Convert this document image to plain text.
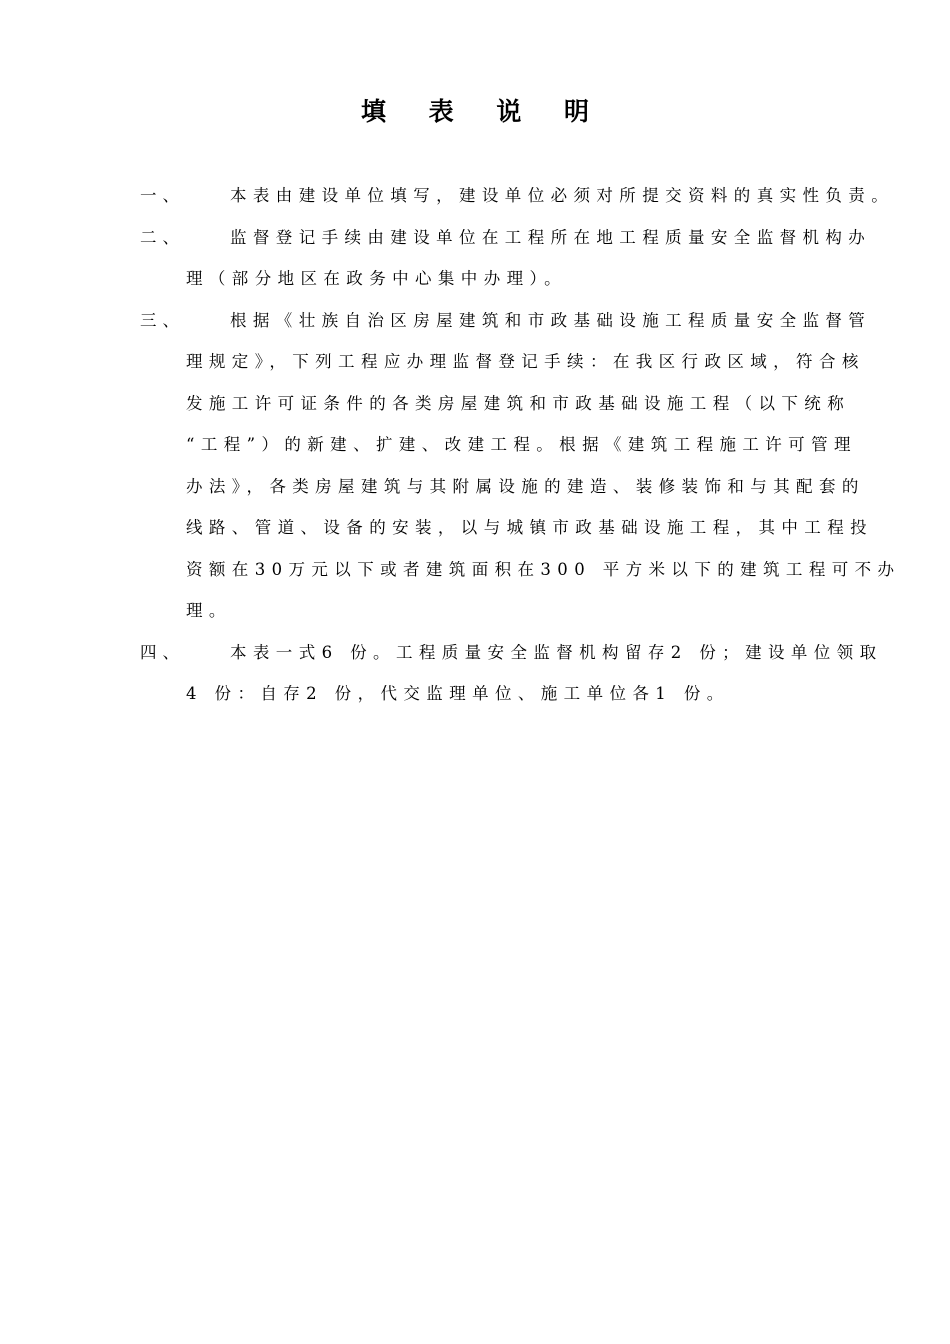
填 表 说 明
一、	本表由建设单位填写，建设单位必须对所提交资料的真实性负责。
二、	监督登记手续由建设单位在工程所在地工程质量安全监督机构办
理（部分地区在政务中心集中办理）。
三、	根据《壮族自治区房屋建筑和市政基础设施工程质量安全监督管
理规定》，下列工程应办理监督登记手续：在我区行政区域，符合核
发施工许可证条件的各类房屋建筑和市政基础设施工程（以下统称
“工程”）的新建、扩建、改建工程。根据《建筑工程施工许可管理
办法》，各类房屋建筑与其附属设施的建造、装修装饰和与其配套的
线路、管道、设备的安装，以与城镇市政基础设施工程，其中工程投
资额在30万元以下或者建筑面积在300 平方米以下的建筑工程可不办
理。
四、	本表一式6 份。工程质量安全监督机构留存2 份；建设单位领取
4 份：自存2 份，代交监理单位、施工单位各1 份。
